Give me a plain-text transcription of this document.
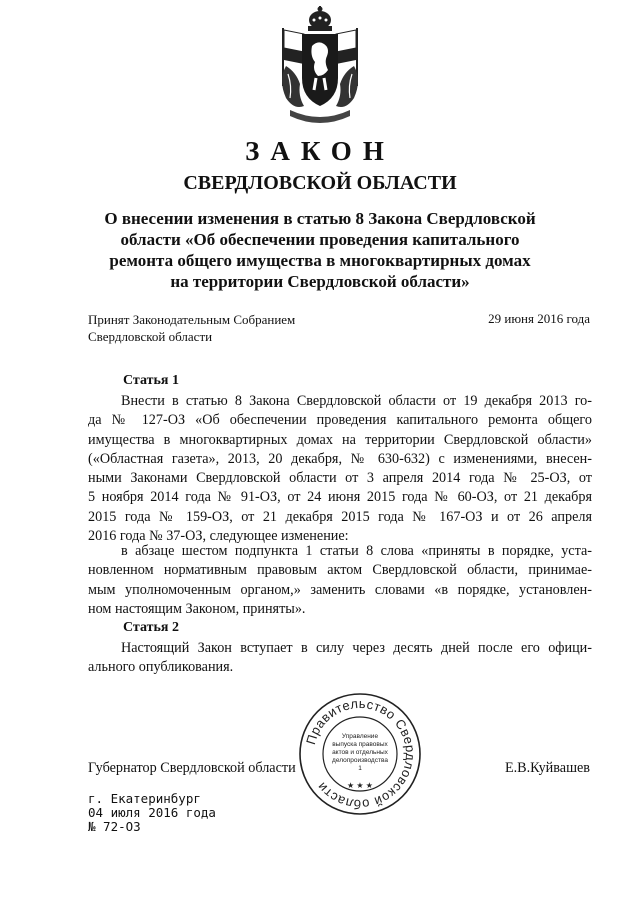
ЗАКОН
СВЕРДЛОВСКОЙ ОБЛАСТИ
О внесении изменения в статью 8 Закона Свердловской
области «Об обеспечении проведения капитального
ремонта общего имущества в многоквартирных домах
на территории Свердловской области»
Принят Законодательным Собранием
Свердловской области
29 июня 2016 года
Статья 1
Внести в статью 8 Закона Свердловской области от 19 декабря 2013 го-
да № 127-ОЗ «Об обеспечении проведения капитального ремонта общего
имущества в многоквартирных домах на территории Свердловской области»
(«Областная газета», 2013, 20 декабря, № 630-632) с изменениями, внесен-
ными Законами Свердловской области от 3 апреля 2014 года № 25-ОЗ, от
5 ноября 2014 года № 91-ОЗ, от 24 июня 2015 года № 60-ОЗ, от 21 декабря
2015 года № 159-ОЗ, от 21 декабря 2015 года № 167-ОЗ и от 26 апреля
2016 года № 37-ОЗ, следующее изменение:
в абзаце шестом подпункта 1 статьи 8 слова «приняты в порядке, уста-
новленном нормативным правовым актом Свердловской области, принимае-
мым уполномоченным органом,» заменить словами «в порядке, установлен-
ном настоящим Законом, приняты».
Статья 2
Настоящий Закон вступает в силу через десять дней после его офици-
ального опубликования.
Губернатор Свердловской области	Е.В.Куйвашев
Правительство Свердловской области
Управление
выпуска правовых
актов и отдельных
делопроизводства
1
★ ★ ★
г. Екатеринбург
04 июля 2016 года
№ 72-ОЗ
